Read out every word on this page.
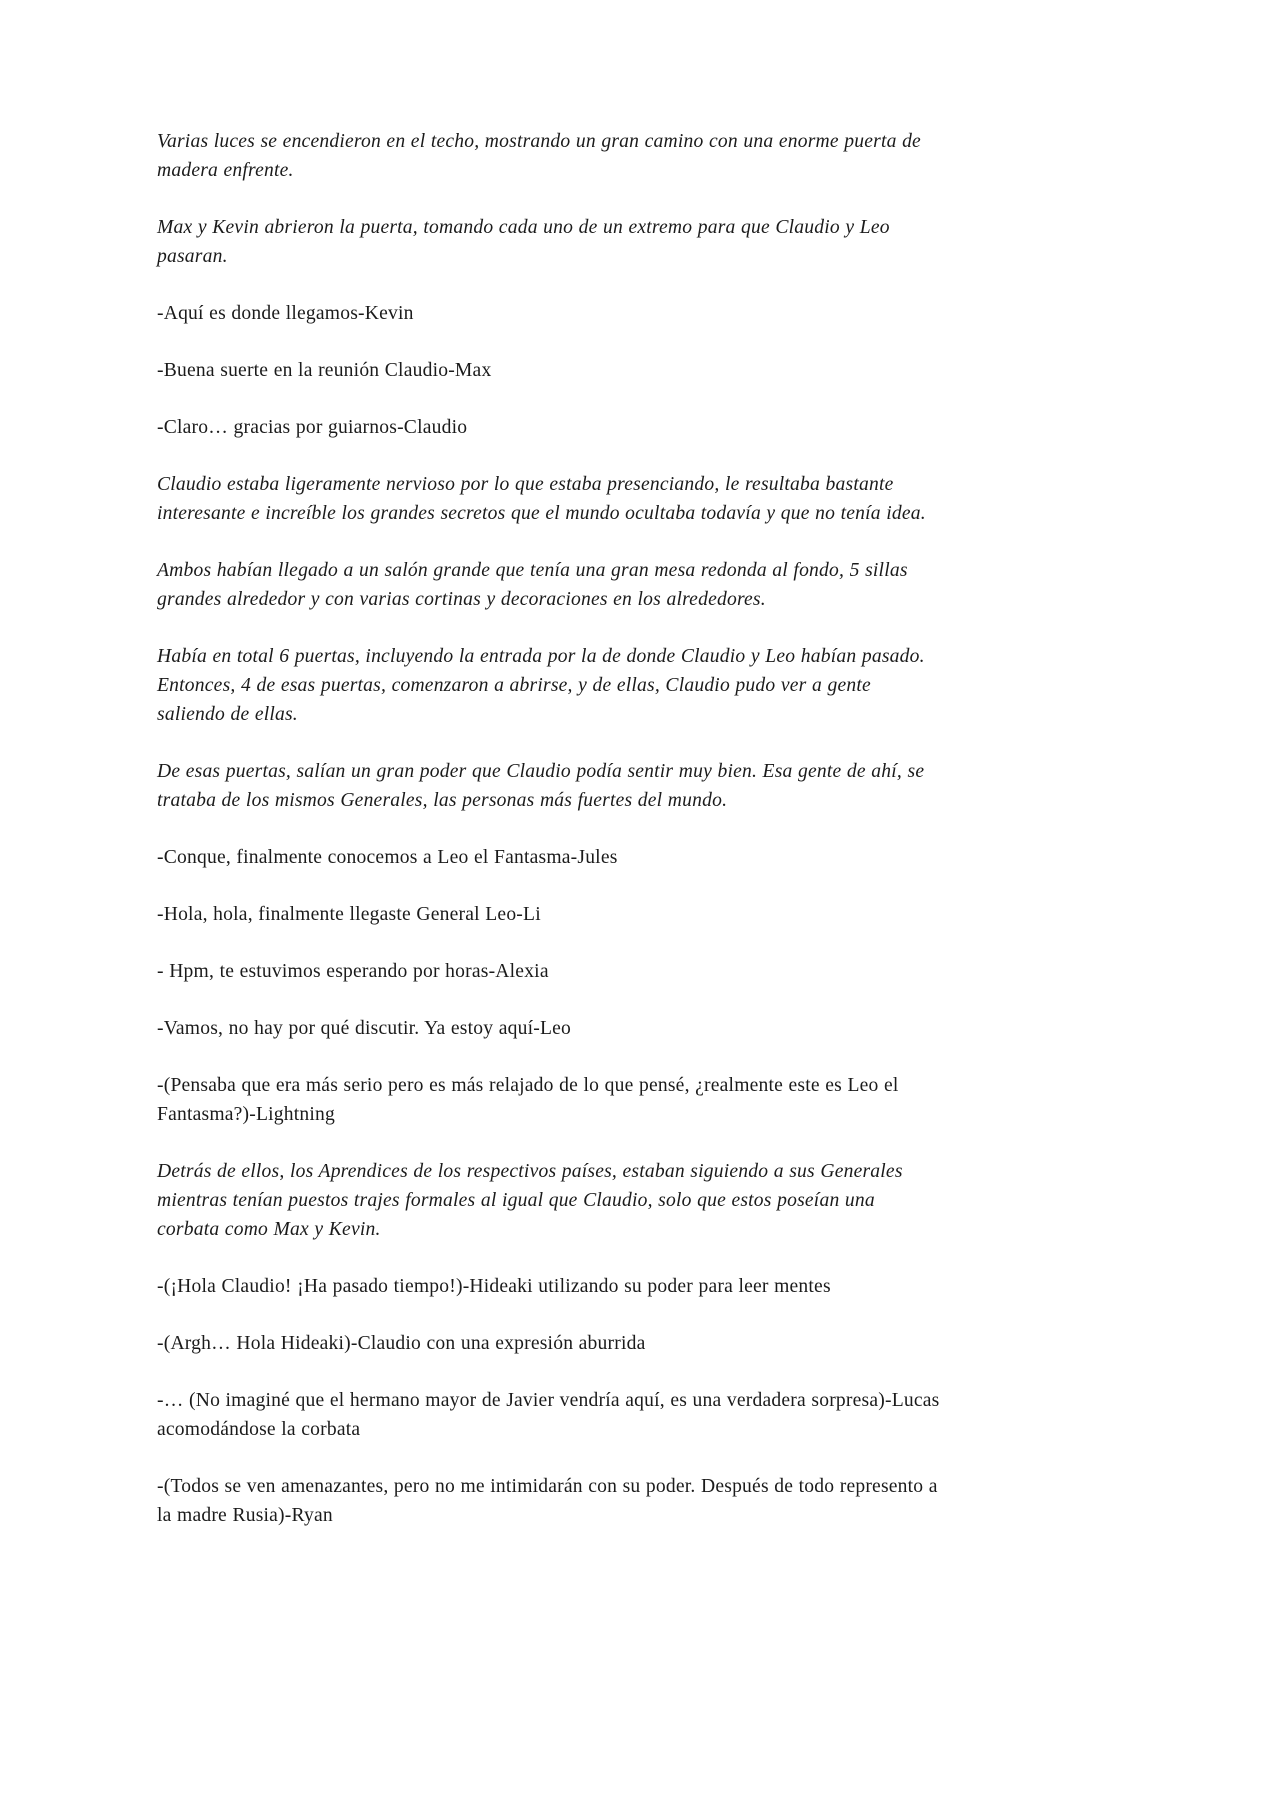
Varias luces se encendieron en el techo, mostrando un gran camino con una enorme puerta de madera enfrente.

Max y Kevin abrieron la puerta, tomando cada uno de un extremo para que Claudio y Leo pasaran.

-Aquí es donde llegamos-Kevin

-Buena suerte en la reunión Claudio-Max

-Claro… gracias por guiarnos-Claudio

Claudio estaba ligeramente nervioso por lo que estaba presenciando, le resultaba bastante interesante e increíble los grandes secretos que el mundo ocultaba todavía y que no tenía idea.

Ambos habían llegado a un salón grande que tenía una gran mesa redonda al fondo, 5 sillas grandes alrededor y con varias cortinas y decoraciones en los alrededores.

Había en total 6 puertas, incluyendo la entrada por la de donde Claudio y Leo habían pasado. Entonces, 4 de esas puertas, comenzaron a abrirse, y de ellas, Claudio pudo ver a gente saliendo de ellas.

De esas puertas, salían un gran poder que Claudio podía sentir muy bien. Esa gente de ahí, se trataba de los mismos Generales, las personas más fuertes del mundo.

-Conque, finalmente conocemos a Leo el Fantasma-Jules

-Hola, hola, finalmente llegaste General Leo-Li

- Hpm, te estuvimos esperando por horas-Alexia

-Vamos, no hay por qué discutir. Ya estoy aquí-Leo

-(Pensaba que era más serio pero es más relajado de lo que pensé, ¿realmente este es Leo el Fantasma?)-Lightning

Detrás de ellos, los Aprendices de los respectivos países, estaban siguiendo a sus Generales mientras tenían puestos trajes formales al igual que Claudio, solo que estos poseían una corbata como Max y Kevin.

-(¡Hola Claudio! ¡Ha pasado tiempo!)-Hideaki utilizando su poder para leer mentes

-(Argh… Hola Hideaki)-Claudio con una expresión aburrida

-… (No imaginé que el hermano mayor de Javier vendría aquí, es una verdadera sorpresa)-Lucas acomodándose la corbata

-(Todos se ven amenazantes, pero no me intimidarán con su poder. Después de todo represento a la madre Rusia)-Ryan
